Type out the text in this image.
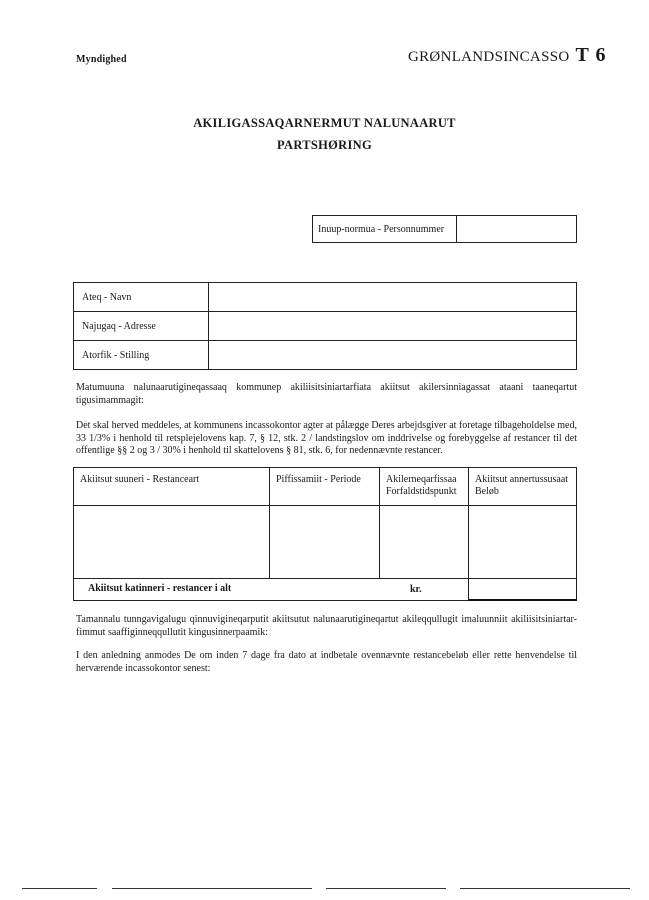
Myndighed	GRØNLANDSINCASSO T 6
AKILIGASSAQARNERMUT NALUNAARUT
PARTSHØRING
Inuup-normua - Personnummer	
Ateq - Navn	
Najugaq - Adresse	
Atorfik - Stilling	
Matumuuna nalunaarutigineqassaaq kommunep akiliisitsiniartarfiata akiitsut akilersinniagassat ataani taaneqartut tigusimammagit:
Det skal herved meddeles, at kommunens incassokontor agter at pålægge Deres arbejdsgiver at foretage tilbageholdelse med, 33 1/3% i henhold til retsplejelovens kap. 7, § 12, stk. 2 / landstingslov om inddrivelse og forebyggelse af restancer til det offentlige §§ 2 og 3 / 30% i henhold til skattelovens § 81, stk. 6, for nedennævnte restancer.
Akiitsut suuneri - Restanceart	Piffissamiit - Periode	Akilerneqarfissaa Forfaldstidspunkt	Akiitsut annertussusaat Beløb

Akiitsut katinneri - restancer i alt kr.			

Tamannalu tunngavigalugu qinnuvigineqarputit akiitsutut nalunaarutigineqartut akileqqullugit imaluunniit akiliisitsiniartar-fimmut saaffiginneqqullutit kingusinnerpaamik:
I den anledning anmodes De om inden 7 dage fra dato at indbetale ovennævnte restancebeløb eller rette henvendelse til herværende incassokontor senest:
